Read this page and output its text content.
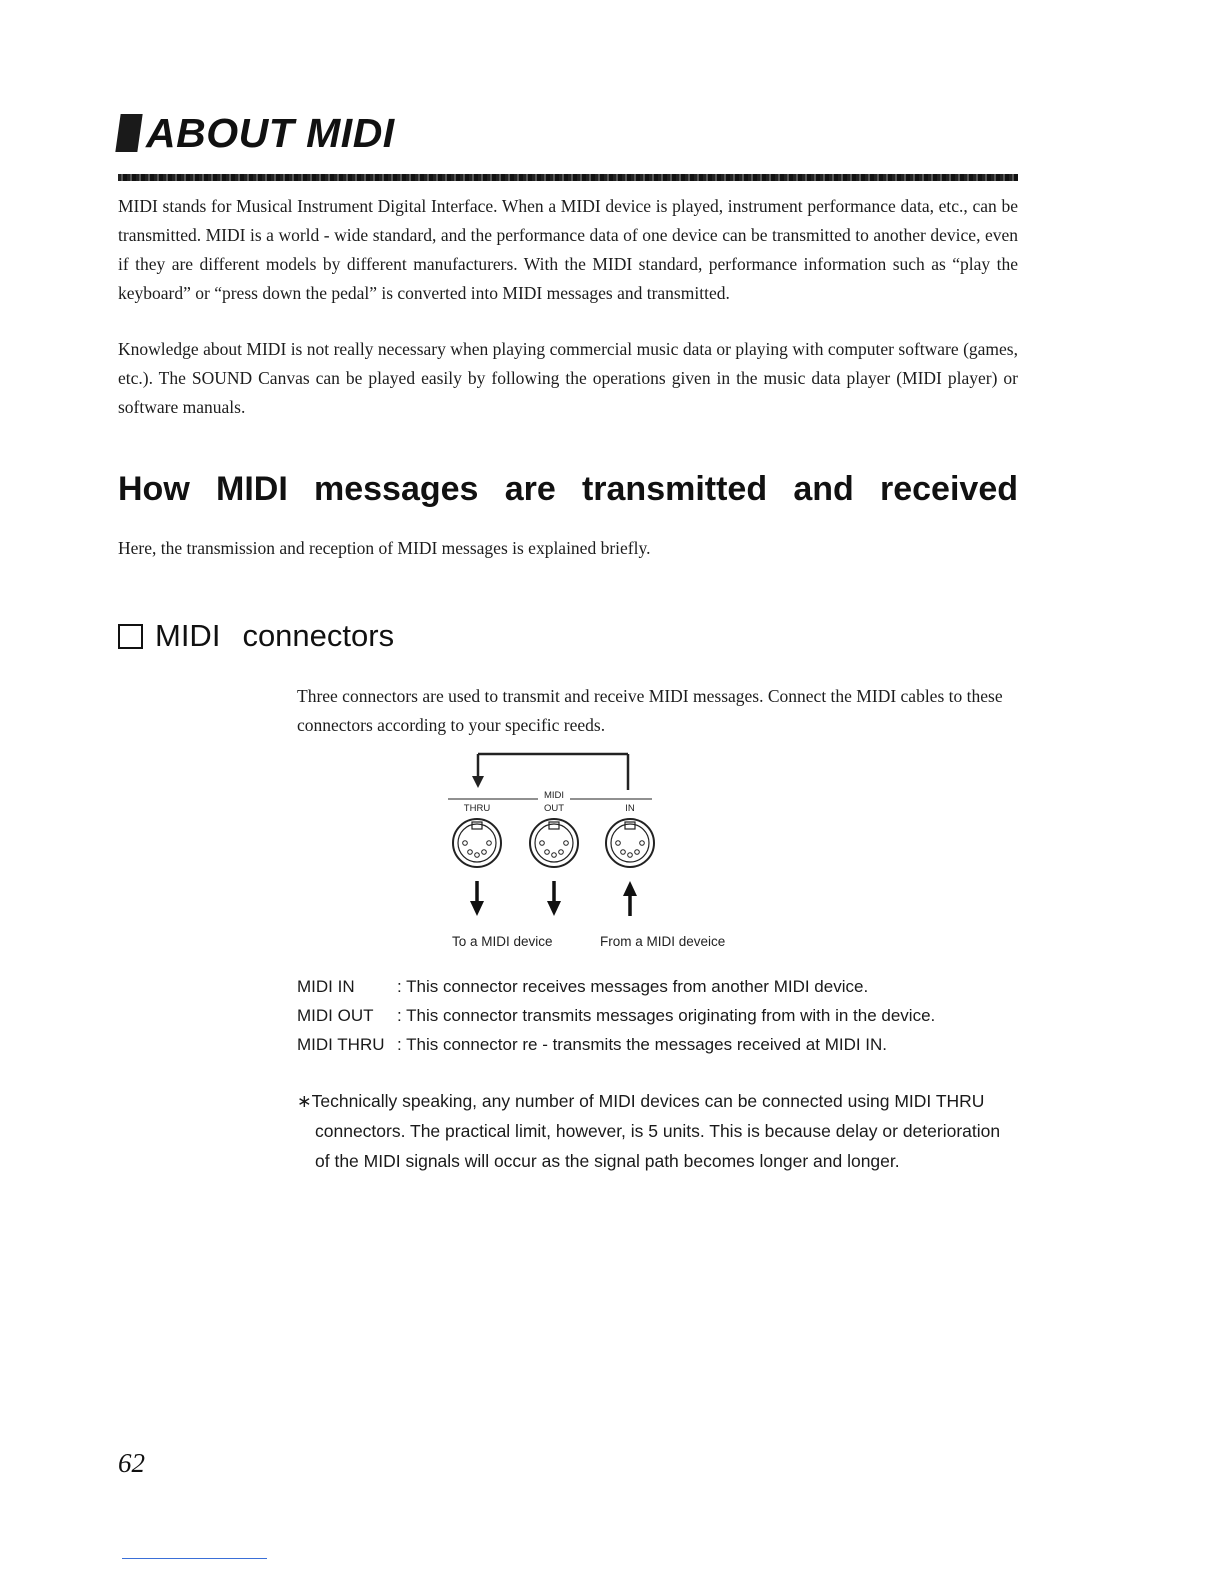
ABOUT MIDI
MIDI stands for Musical Instrument Digital Interface. When a MIDI device is played, instrument performance data, etc., can be transmitted. MIDI is a world - wide standard, and the performance data of one device can be transmitted to another device, even if they are different models by different manufacturers. With the MIDI standard, performance information such as “play the keyboard” or “press down the pedal” is converted into MIDI messages and transmitted.
Knowledge about MIDI is not really necessary when playing commercial music data or playing with computer software (games, etc.). The SOUND Canvas can be played easily by following the operations given in the music data player (MIDI player) or software manuals.
How MIDI messages are transmitted and received
Here, the transmission and reception of MIDI messages is explained briefly.
MIDI connectors
Three connectors are used to transmit and receive MIDI messages. Connect the MIDI cables to these connectors according to your specific reeds.
MIDI
THRU	OUT	IN
To a MIDI device	From a MIDI deveice
MIDI IN	: This connector receives messages from another MIDI device.
MIDI OUT	: This connector transmits messages originating from with in the device.
MIDI THRU : This connector re - transmits the messages received at MIDI IN.
∗Technically speaking, any number of MIDI devices can be connected using MIDI THRU connectors. The practical limit, however, is 5 units. This is because delay or deterioration of the MIDI signals will occur as the signal path becomes longer and longer.
62
